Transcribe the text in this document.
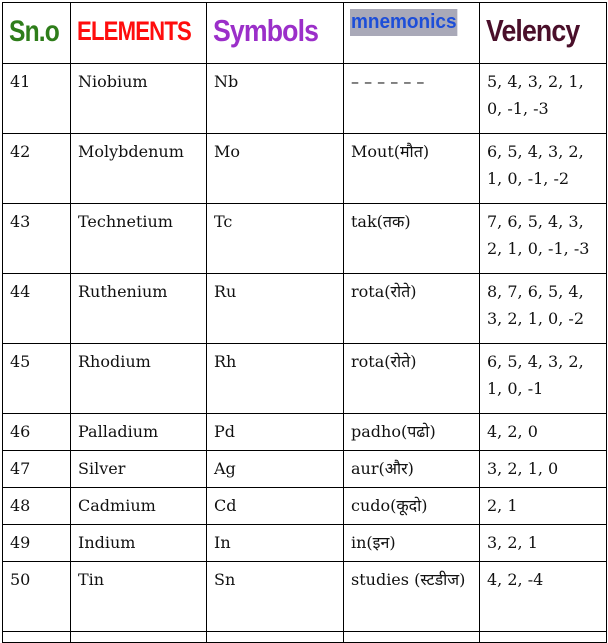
Sn.o	ELEMENTS	Symbols	mnemonics	Velency

41	Niobium	Nb	– – – – – –	5, 4, 3, 2, 1, 0, -1, -3

42	Molybdenum	Mo	Mout(मौत)	6, 5, 4, 3, 2, 1, 0, -1, -2

43	Technetium	Tc	tak(तक)	7, 6, 5, 4, 3, 2, 1, 0, -1, -3

44	Ruthenium	Ru	rota(रोते)	8, 7, 6, 5, 4, 3, 2, 1, 0, -2

45	Rhodium	Rh	rota(रोते)	6, 5, 4, 3, 2, 1, 0, -1

46	Palladium	Pd	padho(पढो)	4, 2, 0

47	Silver	Ag	aur(और)	3, 2, 1, 0

48	Cadmium	Cd	cudo(कूदो)	2, 1

49	Indium	In	in(इन)	3, 2, 1

50	Tin	Sn	studies (स्टडीज)	4, 2, -4
